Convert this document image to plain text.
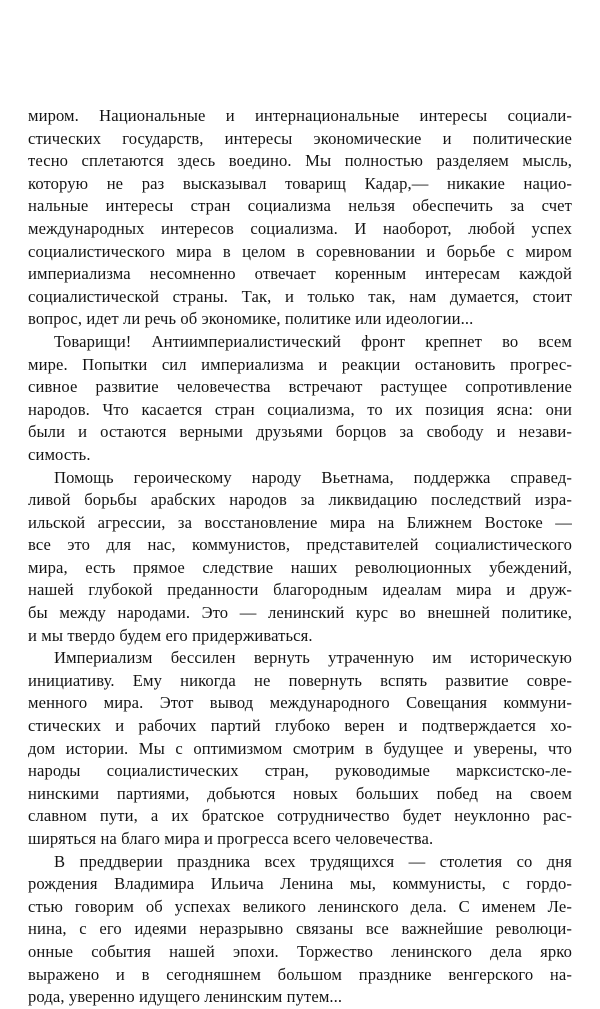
миром. Национальные и интернациональные интересы социали-
стических государств, интересы экономические и политические
тесно сплетаются здесь воедино. Мы полностью разделяем мысль,
которую не раз высказывал товарищ Кадар,— никакие нацио-
нальные интересы стран социализма нельзя обеспечить за счет
международных интересов социализма. И наоборот, любой успех
социалистического мира в целом в соревновании и борьбе с миром
империализма несомненно отвечает коренным интересам каждой
социалистической страны. Так, и только так, нам думается, стоит
вопрос, идет ли речь об экономике, политике или идеологии...
Товарищи! Антиимпериалистический фронт крепнет во всем
мире. Попытки сил империализма и реакции остановить прогрес-
сивное развитие человечества встречают растущее сопротивление
народов. Что касается стран социализма, то их позиция ясна: они
были и остаются верными друзьями борцов за свободу и незави-
симость.
Помощь героическому народу Вьетнама, поддержка справед-
ливой борьбы арабских народов за ликвидацию последствий изра-
ильской агрессии, за восстановление мира на Ближнем Востоке —
все это для нас, коммунистов, представителей социалистического
мира, есть прямое следствие наших революционных убеждений,
нашей глубокой преданности благородным идеалам мира и друж-
бы между народами. Это — ленинский курс во внешней политике,
и мы твердо будем его придерживаться.
Империализм бессилен вернуть утраченную им историческую
инициативу. Ему никогда не повернуть вспять развитие совре-
менного мира. Этот вывод международного Совещания коммуни-
стических и рабочих партий глубоко верен и подтверждается хо-
дом истории. Мы с оптимизмом смотрим в будущее и уверены, что
народы социалистических стран, руководимые марксистско-ле-
нинскими партиями, добьются новых больших побед на своем
славном пути, а их братское сотрудничество будет неуклонно рас-
ширяться на благо мира и прогресса всего человечества.
В преддверии праздника всех трудящихся — столетия со дня
рождения Владимира Ильича Ленина мы, коммунисты, с гордо-
стью говорим об успехах великого ленинского дела. С именем Ле-
нина, с его идеями неразрывно связаны все важнейшие революци-
онные события нашей эпохи. Торжество ленинского дела ярко
выражено и в сегодняшнем большом празднике венгерского на-
рода, уверенно идущего ленинским путем...
